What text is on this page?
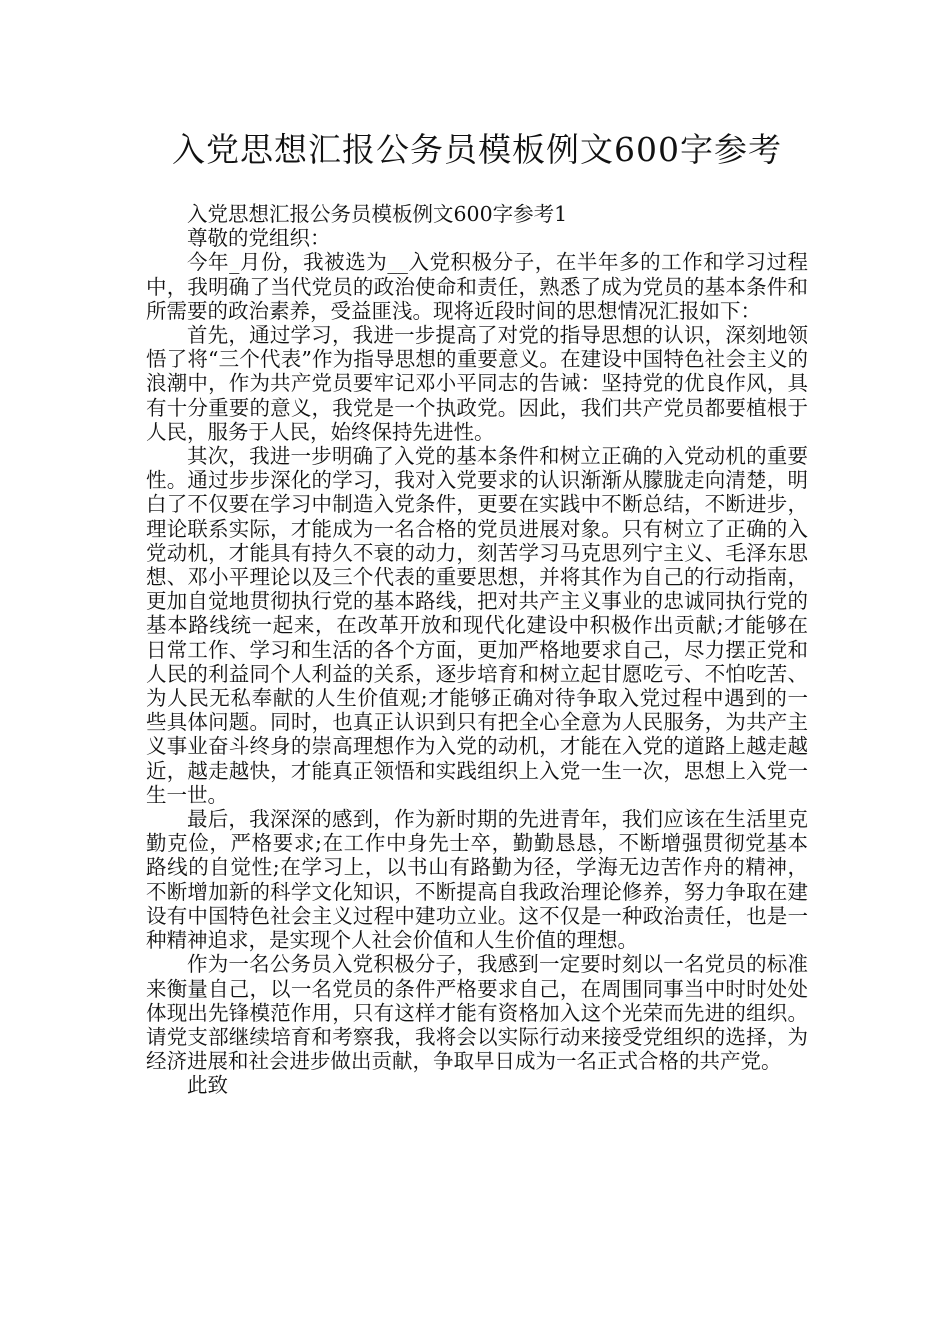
入党思想汇报公务员模板例文600字参考

入党思想汇报公务员模板例文600字参考1

尊敬的党组织：

今年_月份，我被选为__入党积极分子，在半年多的工作和学习过程中，我明确了当代党员的政治使命和责任，熟悉了成为党员的基本条件和所需要的政治素养，受益匪浅。现将近段时间的思想情况汇报如下：

首先，通过学习，我进一步提高了对党的指导思想的认识，深刻地领悟了将“三个代表”作为指导思想的重要意义。在建设中国特色社会主义的浪潮中，作为共产党员要牢记邓小平同志的告诫：坚持党的优良作风，具有十分重要的意义，我党是一个执政党。因此，我们共产党员都要植根于人民，服务于人民，始终保持先进性。

其次，我进一步明确了入党的基本条件和树立正确的入党动机的重要性。通过步步深化的学习，我对入党要求的认识渐渐从朦胧走向清楚，明白了不仅要在学习中制造入党条件，更要在实践中不断总结，不断进步，理论联系实际，才能成为一名合格的党员进展对象。只有树立了正确的入党动机，才能具有持久不衰的动力，刻苦学习马克思列宁主义、毛泽东思想、邓小平理论以及三个代表的重要思想，并将其作为自己的行动指南，更加自觉地贯彻执行党的基本路线，把对共产主义事业的忠诚同执行党的基本路线统一起来，在改革开放和现代化建设中积极作出贡献;才能够在日常工作、学习和生活的各个方面，更加严格地要求自己，尽力摆正党和人民的利益同个人利益的关系，逐步培育和树立起甘愿吃亏、不怕吃苦、为人民无私奉献的人生价值观;才能够正确对待争取入党过程中遇到的一些具体问题。同时，也真正认识到只有把全心全意为人民服务，为共产主义事业奋斗终身的崇高理想作为入党的动机，才能在入党的道路上越走越近，越走越快，才能真正领悟和实践组织上入党一生一次，思想上入党一生一世。

最后，我深深的感到，作为新时期的先进青年，我们应该在生活里克勤克俭，严格要求;在工作中身先士卒，勤勤恳恳，不断增强贯彻党基本路线的自觉性;在学习上，以书山有路勤为径，学海无边苦作舟的精神，不断增加新的科学文化知识，不断提高自我政治理论修养，努力争取在建设有中国特色社会主义过程中建功立业。这不仅是一种政治责任，也是一种精神追求，是实现个人社会价值和人生价值的理想。

作为一名公务员入党积极分子，我感到一定要时刻以一名党员的标准来衡量自己，以一名党员的条件严格要求自己，在周围同事当中时时处处体现出先锋模范作用，只有这样才能有资格加入这个光荣而先进的组织。请党支部继续培育和考察我，我将会以实际行动来接受党组织的选择，为经济进展和社会进步做出贡献，争取早日成为一名正式合格的共产党。

此致
